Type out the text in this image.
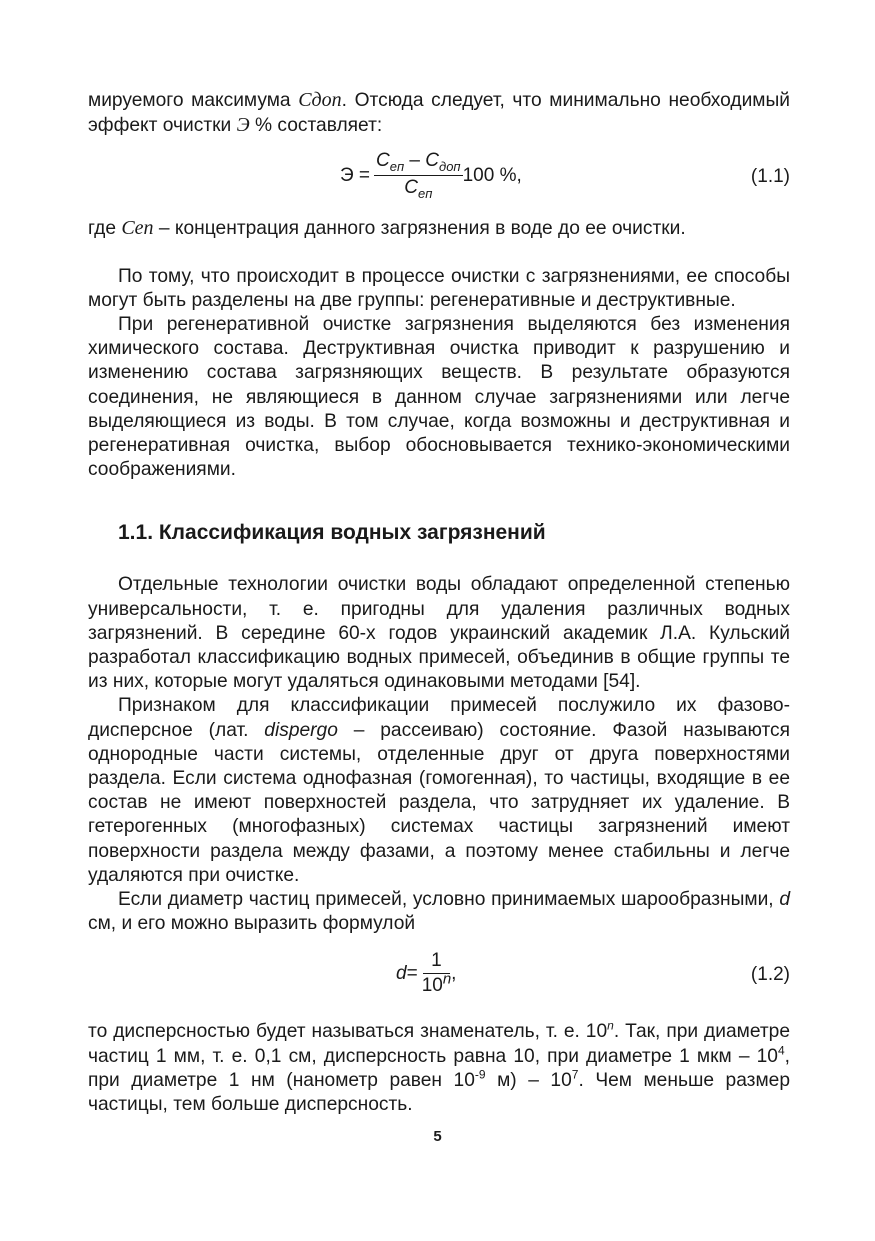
мируемого максимума Cдоп. Отсюда следует, что минимально необходимый эффект очистки Э % составляет:

$Э = \frac{C_{еп} - C_{доп}}{C_{еп}} 100$ %,	(1.1)

где Cеп – концентрация данного загрязнения в воде до ее очистки.

По тому, что происходит в процессе очистки с загрязнениями, ее способы могут быть разделены на две группы: регенеративные и деструктивные.

При регенеративной очистке загрязнения выделяются без изменения химического состава. Деструктивная очистка приводит к разрушению и изменению состава загрязняющих веществ. В результате образуются соединения, не являющиеся в данном случае загрязнениями или легче выделяющиеся из воды. В том случае, когда возможны и деструктивная и регенеративная очистка, выбор обосновывается технико-экономическими соображениями.

1.1. Классификация водных загрязнений

Отдельные технологии очистки воды обладают определенной степенью универсальности, т. е. пригодны для удаления различных водных загрязнений. В середине 60-х годов украинский академик Л.А. Кульский разработал классификацию водных примесей, объединив в общие группы те из них, которые могут удаляться одинаковыми методами [54].

Признаком для классификации примесей послужило их фазово-дисперсное (лат. dispergo – рассеиваю) состояние. Фазой называются однородные части системы, отделенные друг от друга поверхностями раздела. Если система однофазная (гомогенная), то частицы, входящие в ее состав не имеют поверхностей раздела, что затрудняет их удаление. В гетерогенных (многофазных) системах частицы загрязнений имеют поверхности раздела между фазами, а поэтому менее стабильны и легче удаляются при очистке.

Если диаметр частиц примесей, условно принимаемых шарообразными, d см, и его можно выразить формулой

$d = \frac{1}{10^n}$ ,	(1.2)

то дисперсностью будет называться знаменатель, т. е. 10$^n$. Так, при диаметре частиц 1 мм, т. е. 0,1 см, дисперсность равна 10, при диаметре 1 мкм – $10^4$, при диаметре 1 нм (нанометр равен $10^{-9}$ $м) - 10^7$. Чем меньше размер частицы, тем больше дисперсность.

5
